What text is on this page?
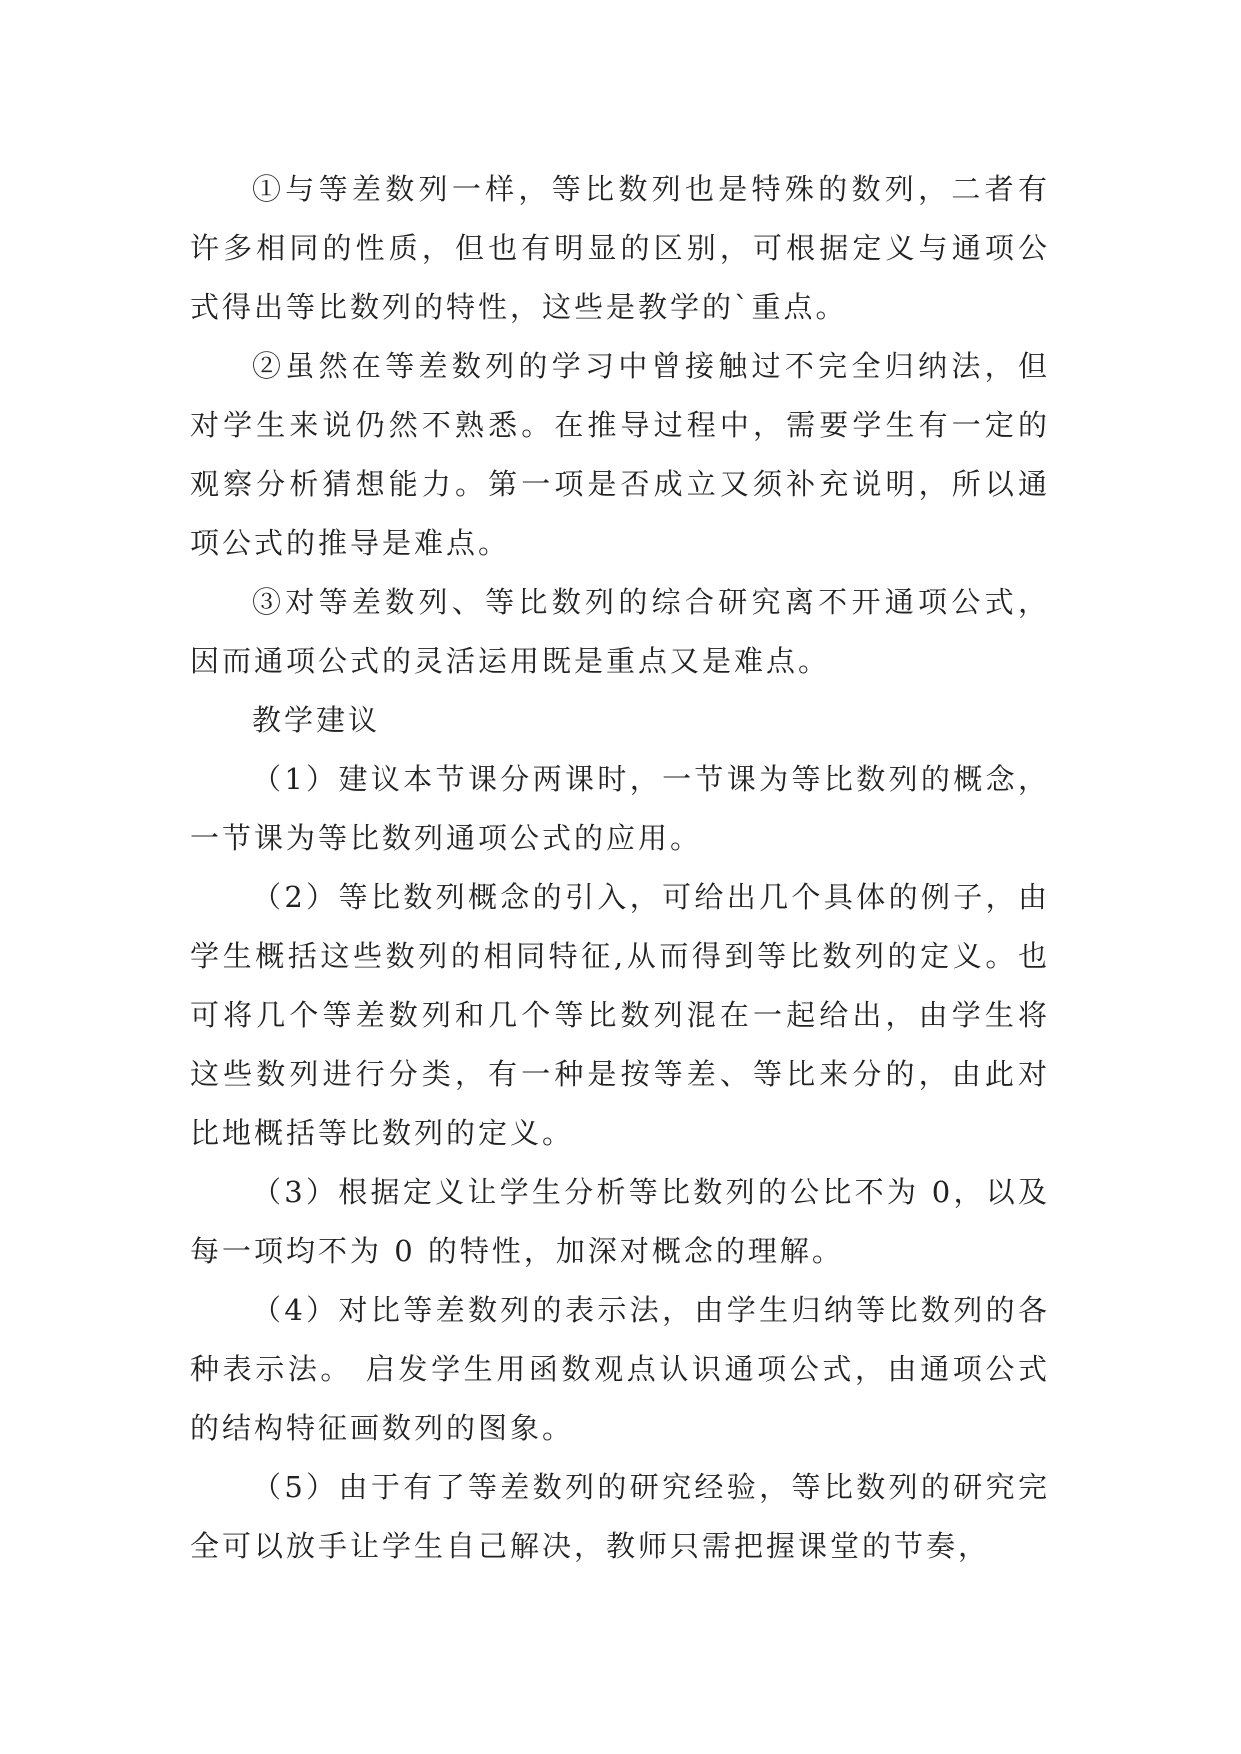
①与等差数列一样，等比数列也是特殊的数列，二者有许多相同的性质，但也有明显的区别，可根据定义与通项公式得出等比数列的特性，这些是教学的`重点。

②虽然在等差数列的学习中曾接触过不完全归纳法，但对学生来说仍然不熟悉。在推导过程中，需要学生有一定的观察分析猜想能力。第一项是否成立又须补充说明，所以通项公式的推导是难点。

③对等差数列、等比数列的综合研究离不开通项公式，因而通项公式的灵活运用既是重点又是难点。

教学建议

（1）建议本节课分两课时，一节课为等比数列的概念，一节课为等比数列通项公式的应用。

（2）等比数列概念的引入，可给出几个具体的例子，由学生概括这些数列的相同特征,从而得到等比数列的定义。也可将几个等差数列和几个等比数列混在一起给出，由学生将这些数列进行分类，有一种是按等差、等比来分的，由此对比地概括等比数列的定义。

（3）根据定义让学生分析等比数列的公比不为 0，以及每一项均不为 0 的特性，加深对概念的理解。

（4）对比等差数列的表示法，由学生归纳等比数列的各种表示法。 启发学生用函数观点认识通项公式，由通项公式的结构特征画数列的图象。

（5）由于有了等差数列的研究经验，等比数列的研究完全可以放手让学生自己解决，教师只需把握课堂的节奏，
